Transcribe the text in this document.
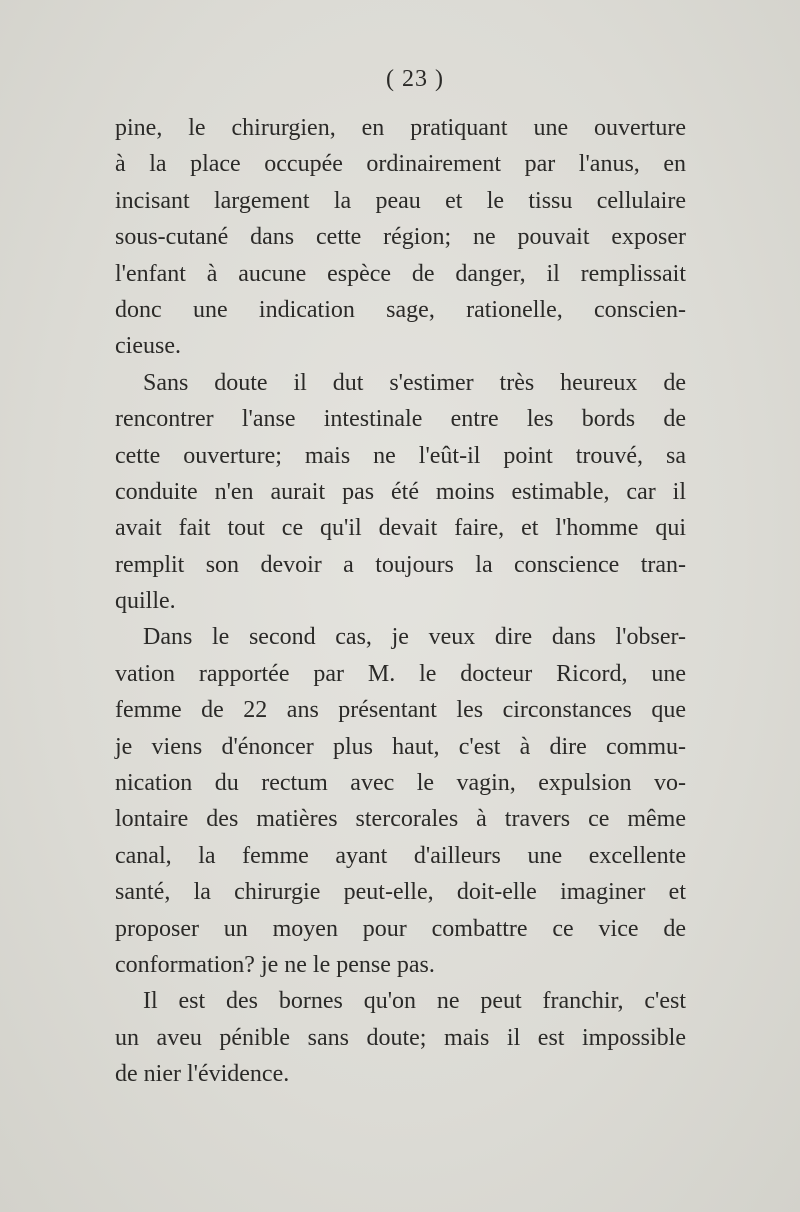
( 23 )
pine, le chirurgien, en pratiquant une ouverture
à la place occupée ordinairement par l'anus, en
incisant largement la peau et le tissu cellulaire
sous-cutané dans cette région; ne pouvait exposer
l'enfant à aucune espèce de danger, il remplissait
donc une indication sage, rationelle, conscien-
cieuse.
Sans doute il dut s'estimer très heureux de
rencontrer l'anse intestinale entre les bords de
cette ouverture; mais ne l'eût-il point trouvé, sa
conduite n'en aurait pas été moins estimable, car il
avait fait tout ce qu'il devait faire, et l'homme qui
remplit son devoir a toujours la conscience tran-
quille.
Dans le second cas, je veux dire dans l'obser-
vation rapportée par M. le docteur Ricord, une
femme de 22 ans présentant les circonstances que
je viens d'énoncer plus haut, c'est à dire commu-
nication du rectum avec le vagin, expulsion vo-
lontaire des matières stercorales à travers ce même
canal, la femme ayant d'ailleurs une excellente
santé, la chirurgie peut-elle, doit-elle imaginer et
proposer un moyen pour combattre ce vice de
conformation? je ne le pense pas.
Il est des bornes qu'on ne peut franchir, c'est
un aveu pénible sans doute; mais il est impossible
de nier l'évidence.
